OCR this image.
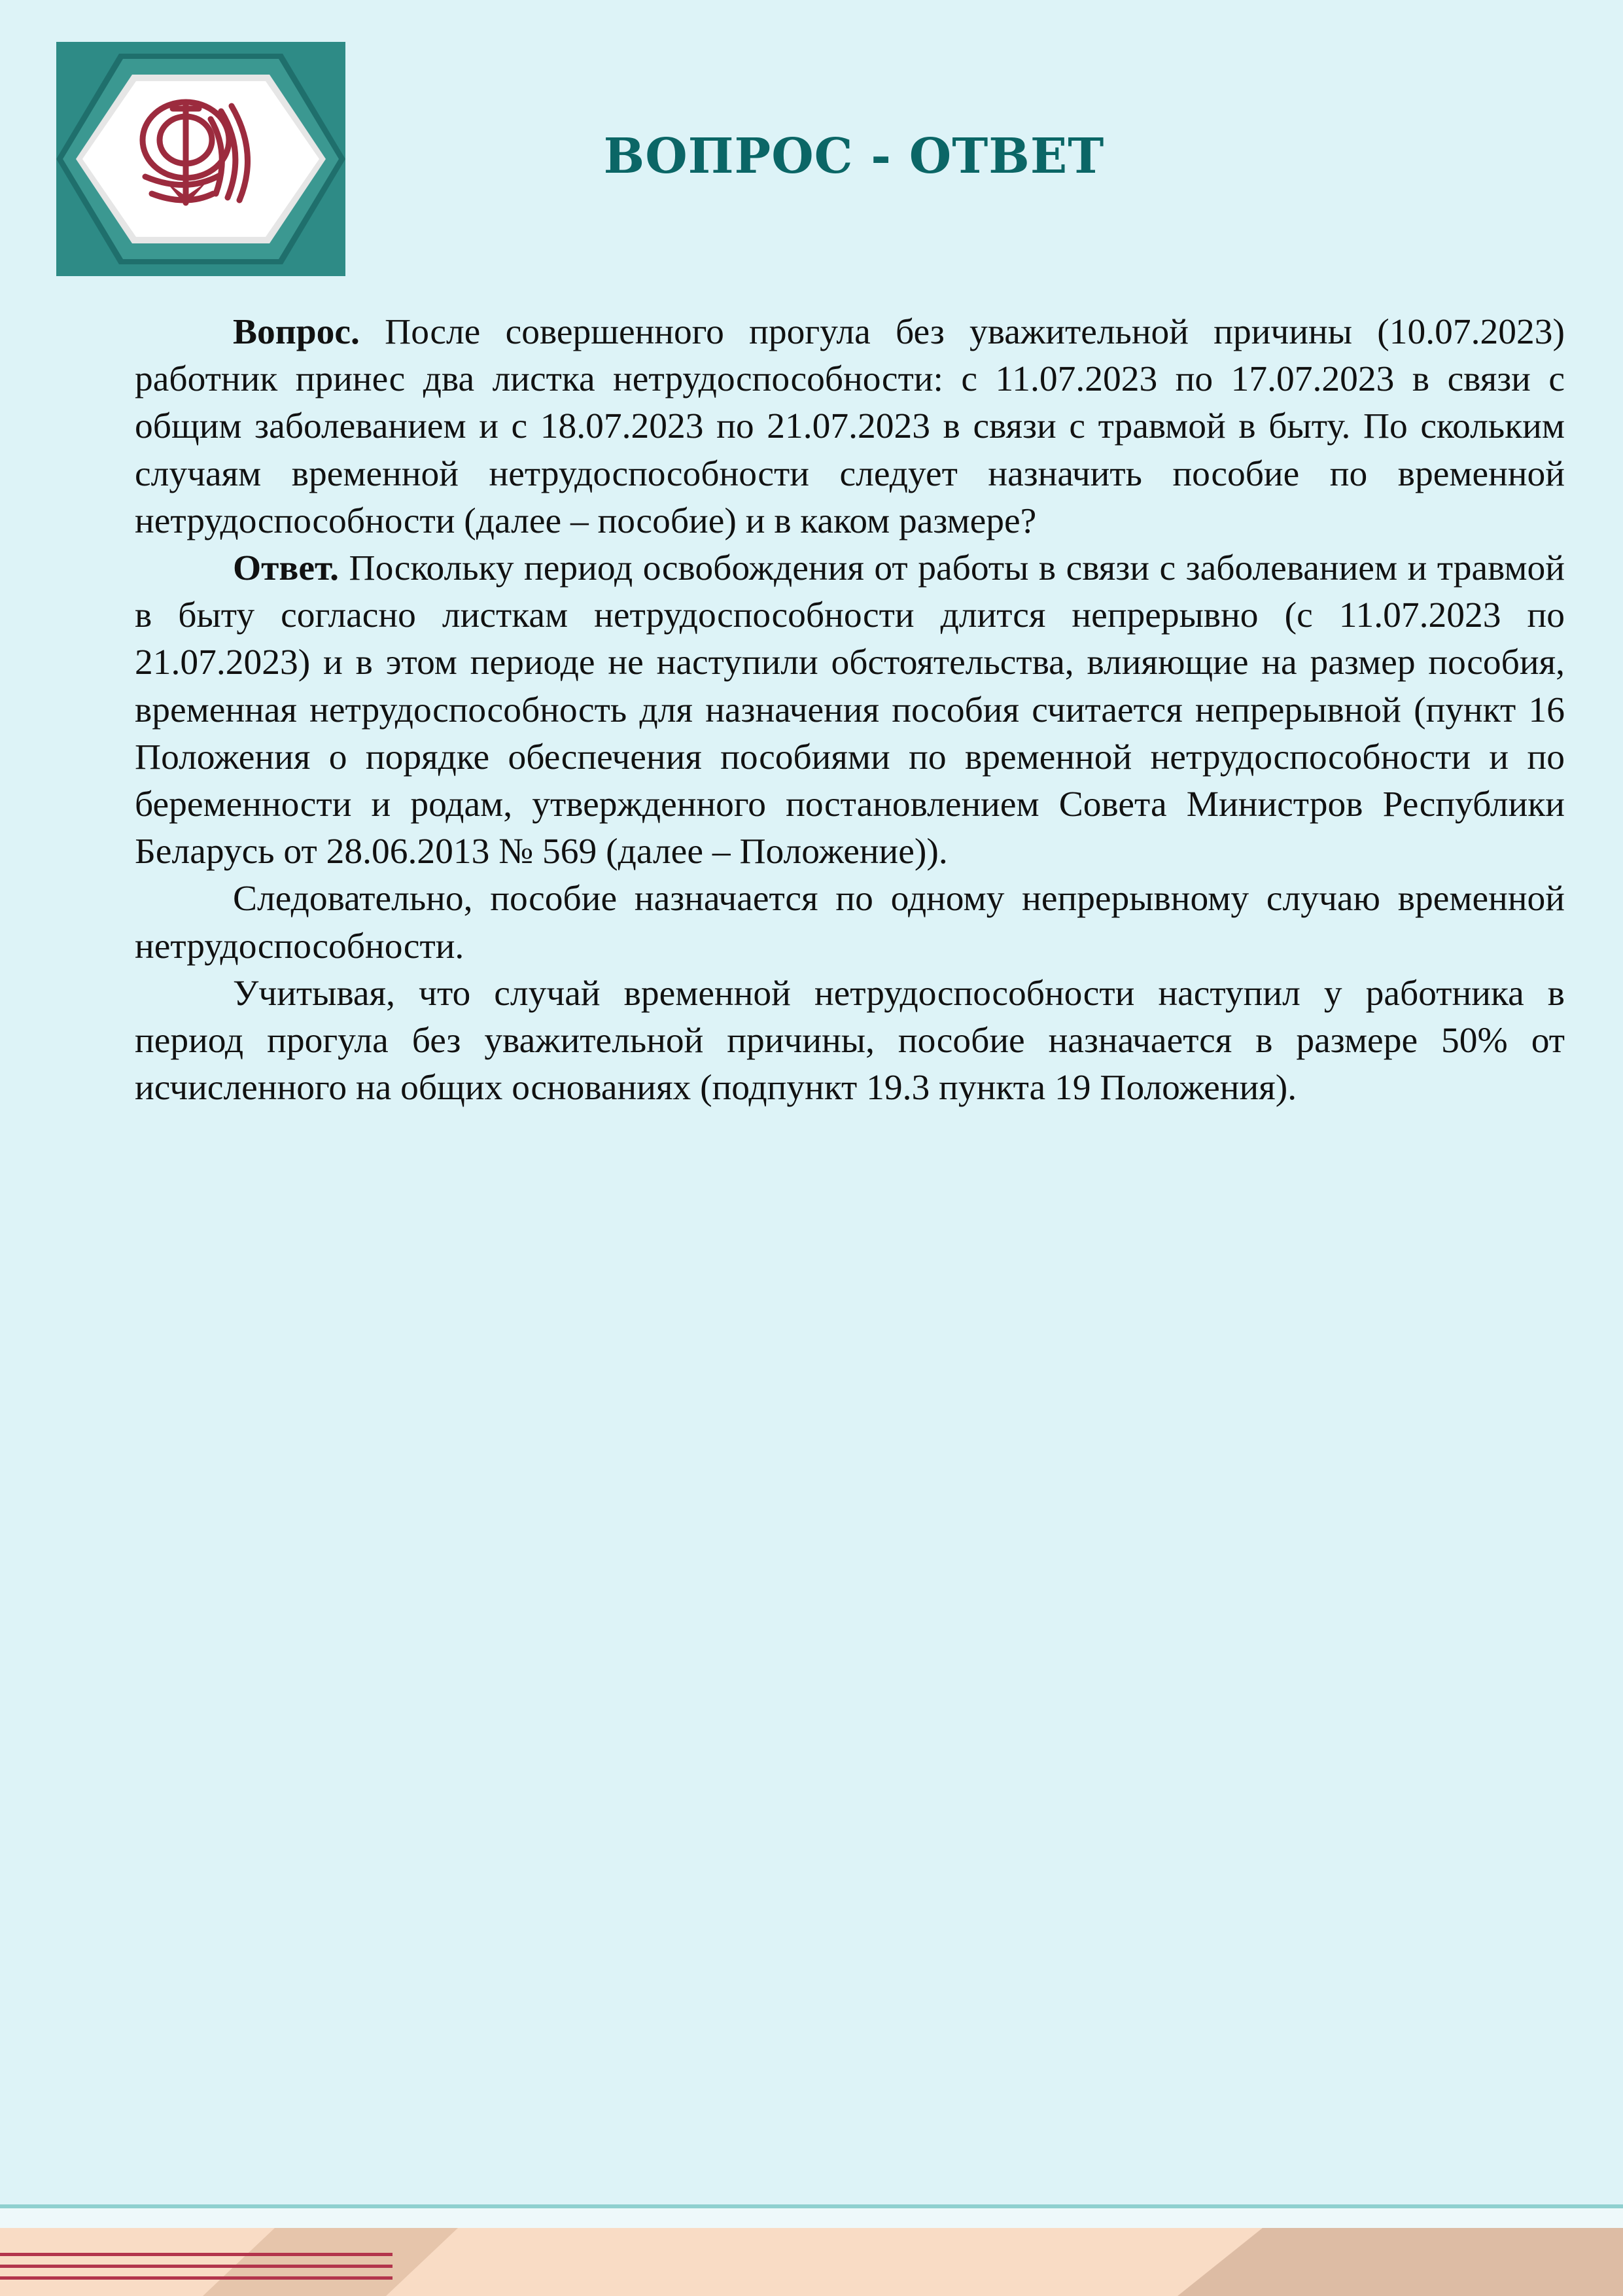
ВОПРОС - ОТВЕТ

Вопрос. После совершенного прогула без уважительной причины (10.07.2023) работник принес два листка нетрудоспособности: с 11.07.2023 по 17.07.2023 в связи с общим заболеванием и с 18.07.2023 по 21.07.2023 в связи с травмой в быту. По скольким случаям временной нетрудоспособности следует назначить пособие по временной нетрудоспособности (далее – пособие) и в каком размере?

Ответ. Поскольку период освобождения от работы в связи с заболеванием и травмой в быту согласно листкам нетрудоспособности длится непрерывно (с 11.07.2023 по 21.07.2023) и в этом периоде не наступили обстоятельства, влияющие на размер пособия, временная нетрудоспособность для назначения пособия считается непрерывной (пункт 16 Положения о порядке обеспечения пособиями по временной нетрудоспособности и по беременности и родам, утвержденного постановлением Совета Министров Республики Беларусь от 28.06.2013 № 569 (далее – Положение)).

Следовательно, пособие назначается по одному непрерывному случаю временной нетрудоспособности.

Учитывая, что случай временной нетрудоспособности наступил у работника в период прогула без уважительной причины, пособие назначается в размере 50% от исчисленного на общих основаниях (подпункт 19.3 пункта 19 Положения).
